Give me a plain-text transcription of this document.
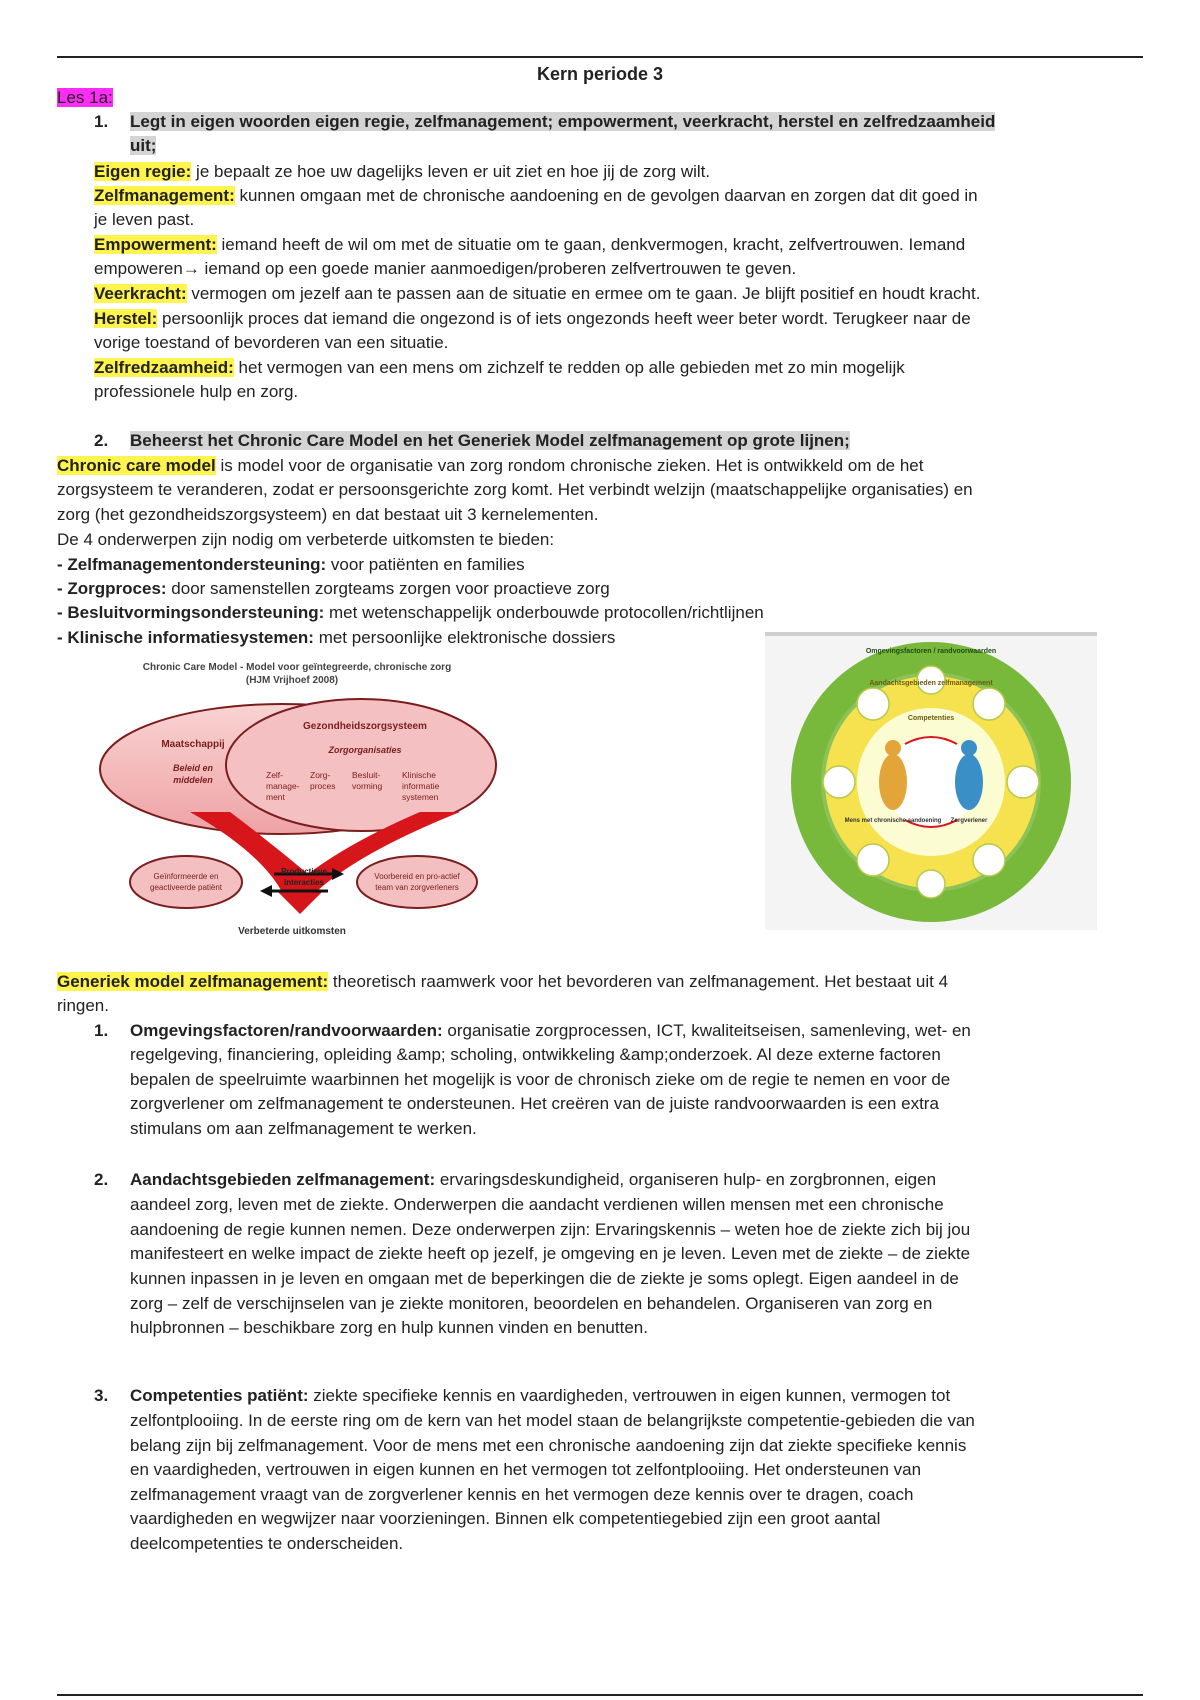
Kern periode 3
Les 1a:
1. Legt in eigen woorden eigen regie, zelfmanagement; empowerment, veerkracht, herstel en zelfredzaamheid
uit;
Eigen regie: je bepaalt ze hoe uw dagelijks leven er uit ziet en hoe jij de zorg wilt.
Zelfmanagement: kunnen omgaan met de chronische aandoening en de gevolgen daarvan en zorgen dat dit goed in
je leven past.
Empowerment: iemand heeft de wil om met de situatie om te gaan, denkvermogen, kracht, zelfvertrouwen. Iemand
empoweren→ iemand op een goede manier aanmoedigen/proberen zelfvertrouwen te geven.
Veerkracht: vermogen om jezelf aan te passen aan de situatie en ermee om te gaan. Je blijft positief en houdt kracht.
Herstel: persoonlijk proces dat iemand die ongezond is of iets ongezonds heeft weer beter wordt. Terugkeer naar de
vorige toestand of bevorderen van een situatie.
Zelfredzaamheid: het vermogen van een mens om zichzelf te redden op alle gebieden met zo min mogelijk
professionele hulp en zorg.
2. Beheerst het Chronic Care Model en het Generiek Model zelfmanagement op grote lijnen;
Chronic care model is model voor de organisatie van zorg rondom chronische zieken. Het is ontwikkeld om de het
zorgsysteem te veranderen, zodat er persoonsgerichte zorg komt. Het verbindt welzijn (maatschappelijke organisaties) en
zorg (het gezondheidszorgsysteem) en dat bestaat uit 3 kernelementen.
De 4 onderwerpen zijn nodig om verbeterde uitkomsten te bieden:
- Zelfmanagementondersteuning: voor patiënten en families
- Zorgproces: door samenstellen zorgteams zorgen voor proactieve zorg
- Besluitvormingsondersteuning: met wetenschappelijk onderbouwde protocollen/richtlijnen
- Klinische informatiesystemen: met persoonlijke elektronische dossiers
Chronic Care Model - Model voor geïntegreerde, chronische zorg
(HJM Vrijhoef 2008)
Maatschappij
Beleid en
middelen
Gezondheidszorgsysteem
Zorgorganisaties
Zelf-
manage-
ment
Zorg-
proces
Besluit-
vorming
Klinische
informatie
systemen
Geïnformeerde en
geactiveerde patiënt
Voorbereid en pro-actief
team van zorgverleners
Productieve
interacties
Verbeterde uitkomsten
Omgevingsfactoren / randvoorwaarden
Aandachtsgebieden zelfmanagement
Competenties
Mens met chronische aandoening Zorgverlener
Generiek model zelfmanagement: theoretisch raamwerk voor het bevorderen van zelfmanagement. Het bestaat uit 4
ringen.
1. Omgevingsfactoren/randvoorwaarden: organisatie zorgprocessen, ICT, kwaliteitseisen, samenleving, wet- en
regelgeving, financiering, opleiding &amp; scholing, ontwikkeling &amp;onderzoek. Al deze externe factoren
bepalen de speelruimte waarbinnen het mogelijk is voor de chronisch zieke om de regie te nemen en voor de
zorgverlener om zelfmanagement te ondersteunen. Het creëren van de juiste randvoorwaarden is een extra
stimulans om aan zelfmanagement te werken.
2. Aandachtsgebieden zelfmanagement: ervaringsdeskundigheid, organiseren hulp- en zorgbronnen, eigen
aandeel zorg, leven met de ziekte. Onderwerpen die aandacht verdienen willen mensen met een chronische
aandoening de regie kunnen nemen. Deze onderwerpen zijn: Ervaringskennis – weten hoe de ziekte zich bij jou
manifesteert en welke impact de ziekte heeft op jezelf, je omgeving en je leven. Leven met de ziekte – de ziekte
kunnen inpassen in je leven en omgaan met de beperkingen die de ziekte je soms oplegt. Eigen aandeel in de
zorg – zelf de verschijnselen van je ziekte monitoren, beoordelen en behandelen. Organiseren van zorg en
hulpbronnen – beschikbare zorg en hulp kunnen vinden en benutten.
3. Competenties patiënt: ziekte specifieke kennis en vaardigheden, vertrouwen in eigen kunnen, vermogen tot
zelfontplooiing. In de eerste ring om de kern van het model staan de belangrijkste competentie-gebieden die van
belang zijn bij zelfmanagement. Voor de mens met een chronische aandoening zijn dat ziekte specifieke kennis
en vaardigheden, vertrouwen in eigen kunnen en het vermogen tot zelfontplooiing. Het ondersteunen van
zelfmanagement vraagt van de zorgverlener kennis en het vermogen deze kennis over te dragen, coach
vaardigheden en wegwijzer naar voorzieningen. Binnen elk competentiegebied zijn een groot aantal
deelcompetenties te onderscheiden.
